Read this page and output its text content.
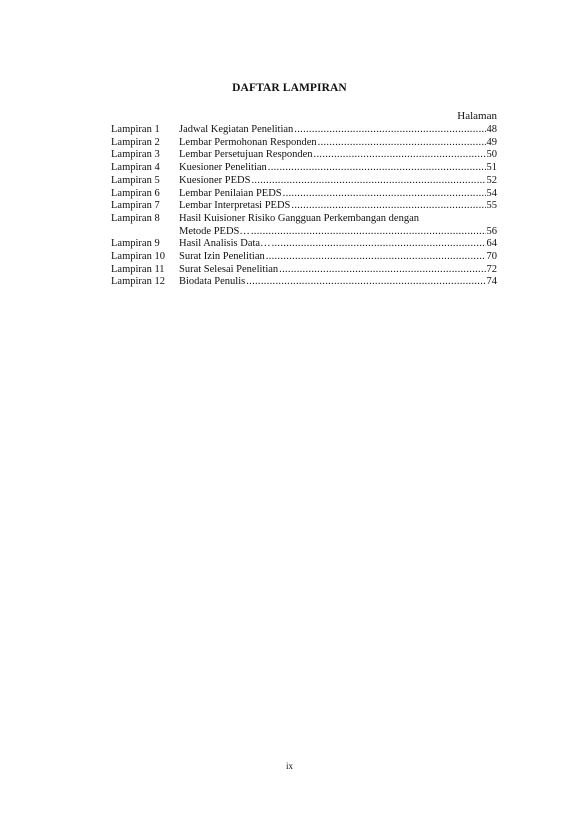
DAFTAR LAMPIRAN
Halaman
Lampiran 1	Jadwal Kegiatan Penelitian .....	48
Lampiran 2	Lembar Permohonan Responden .....	49
Lampiran 3	Lembar Persetujuan Responden .....	50
Lampiran 4	Kuesioner Penelitian .....	51
Lampiran 5	Kuesioner PEDS .....	52
Lampiran 6	Lembar Penilaian PEDS .....	54
Lampiran 7	Lembar Interpretasi PEDS .....	55
Lampiran 8	Hasil Kuisioner Risiko Gangguan Perkembangan dengan
Metode PEDS… .....	56
Lampiran 9	Hasil Analisis Data… .....	64
Lampiran 10	Surat Izin Penelitian .....	70
Lampiran 11	Surat Selesai Penelitian .....	72
Lampiran 12	Biodata Penulis .....	74
ix
